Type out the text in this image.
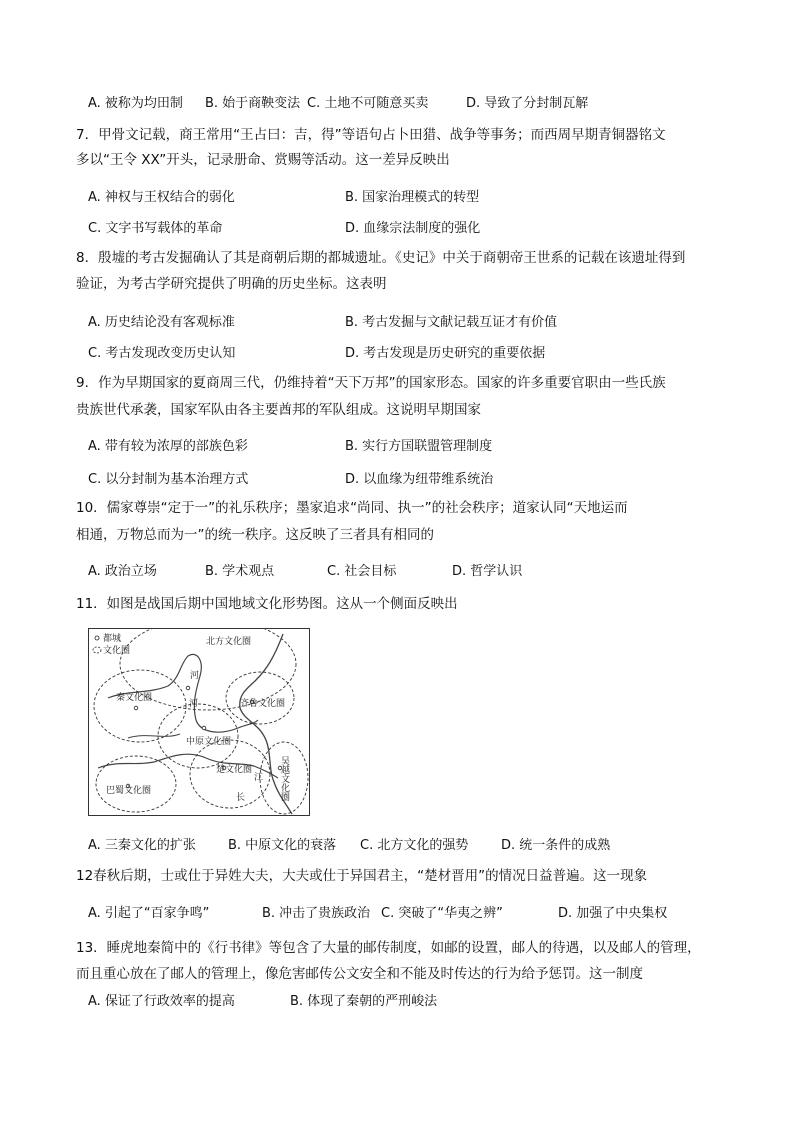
A. 被称为均田制 B. 始于商鞅变法 C. 土地不可随意买卖	D. 导致了分封制瓦解
7．甲骨文记载，商王常用“王占曰：吉，得”等语句占卜田猎、战争等事务；而西周早期青铜器铭文
多以“王令 XX”开头，记录册命、赏赐等活动。这一差异反映出
A. 神权与王权结合的弱化	B. 国家治理模式的转型
C. 文字书写载体的革命	D. 血缘宗法制度的强化
8．殷墟的考古发掘确认了其是商朝后期的都城遗址。《史记》中关于商朝帝王世系的记载在该遗址得到
验证，为考古学研究提供了明确的历史坐标。这表明
A. 历史结论没有客观标准	B. 考古发掘与文献记载互证才有价值
C. 考古发现改变历史认知	D. 考古发现是历史研究的重要依据
9．作为早期国家的夏商周三代，仍维持着“天下万邦”的国家形态。国家的许多重要官职由一些氏族
贵族世代承袭，国家军队由各主要酋邦的军队组成。这说明早期国家
A. 带有较为浓厚的部族色彩	B. 实行方国联盟管理制度
C. 以分封制为基本治理方式	D. 以血缘为纽带维系统治
10．儒家尊崇“定于一”的礼乐秩序；墨家追求“尚同、执一”的社会秩序；道家认同“天地运而
相通，万物总而为一”的统一秩序。这反映了三者具有相同的
A. 政治立场	B. 学术观点	C. 社会目标	D. 哲学认识
11．如图是战国后期中国地域文化形势图。这从一个侧面反映出
都城
文化圈
北方文化圈
秦文化圈
齐鲁文化圈
中原文化圈
楚文化圈
巴蜀文化圈	吴越文化圈
河
河
江
长
A. 三秦文化的扩张 B. 中原文化的衰落 C. 北方文化的强势	D. 统一条件的成熟
12春秋后期，士或仕于异姓大夫，大夫或仕于异国君主，“楚材晋用”的情况日益普遍。这一现象
A. 引起了“百家争鸣”	B. 冲击了贵族政治 C. 突破了“华夷之辨”	D. 加强了中央集权
13．睡虎地秦简中的《行书律》等包含了大量的邮传制度，如邮的设置，邮人的待遇，以及邮人的管理，
而且重心放在了邮人的管理上，像危害邮传公文安全和不能及时传达的行为给予惩罚。这一制度
A. 保证了行政效率的提高	B. 体现了秦朝的严刑峻法
